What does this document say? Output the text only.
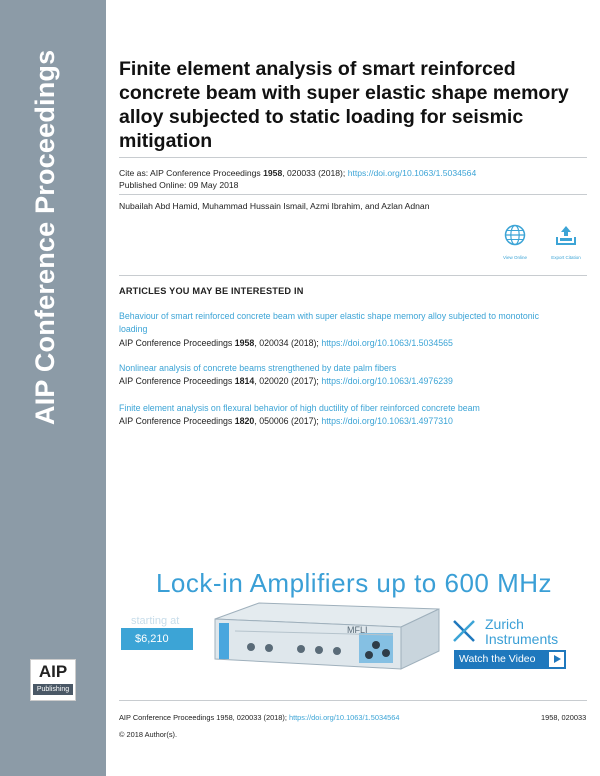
AIP Conference Proceedings
AIP
Publishing
Finite element analysis of smart reinforced concrete beam with super elastic shape memory alloy subjected to static loading for seismic mitigation
Cite as: AIP Conference Proceedings 1958, 020033 (2018); https://doi.org/10.1063/1.5034564
Published Online: 09 May 2018
Nubailah Abd Hamid, Muhammad Hussain Ismail, Azmi Ibrahim, and Azlan Adnan
View Online	Export Citation
ARTICLES YOU MAY BE INTERESTED IN
Behaviour of smart reinforced concrete beam with super elastic shape memory alloy subjected to monotonic loading
AIP Conference Proceedings 1958, 020034 (2018); https://doi.org/10.1063/1.5034565
Nonlinear analysis of concrete beams strengthened by date palm fibers
AIP Conference Proceedings 1814, 020020 (2017); https://doi.org/10.1063/1.4976239
Finite element analysis on flexural behavior of high ductility of fiber reinforced concrete beam
AIP Conference Proceedings 1820, 050006 (2017); https://doi.org/10.1063/1.4977310
Lock-in Amplifiers up to 600 MHz
starting at
$6,210
MFLI	Zurich
Instruments
Watch the Video
AIP Conference Proceedings 1958, 020033 (2018); https://doi.org/10.1063/1.5034564	1958, 020033
© 2018 Author(s).
